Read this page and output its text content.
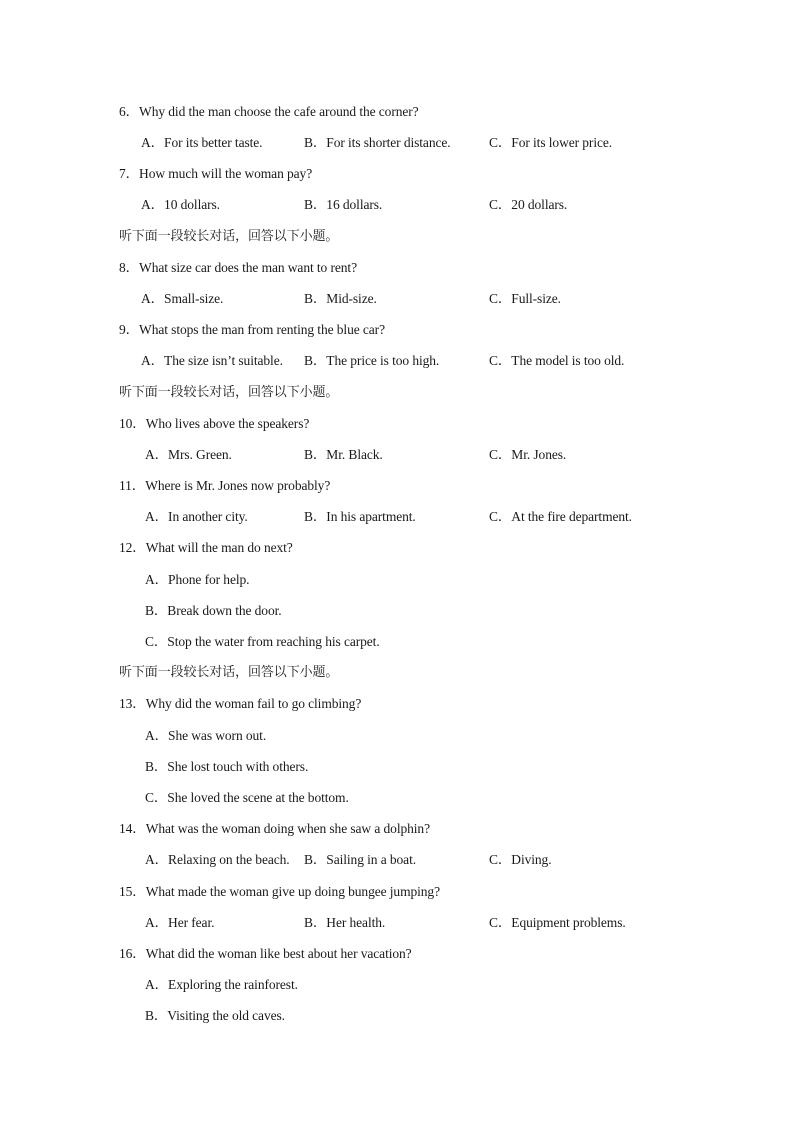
6．Why did the man choose the cafe around the corner?
A．For its better taste.	B．For its shorter distance.	C．For its lower price.
7．How much will the woman pay?
A．10 dollars.	B．16 dollars.	C．20 dollars.
听下面一段较长对话，回答以下小题。
8．What size car does the man want to rent?
A．Small-size.	B．Mid-size.	C．Full-size.
9．What stops the man from renting the blue car?
A．The size isn’t suitable. B．The price is too high.	C．The model is too old.
听下面一段较长对话，回答以下小题。
10．Who lives above the speakers?
A．Mrs. Green.	B．Mr. Black.	C．Mr. Jones.
11．Where is Mr. Jones now probably?
A．In another city.	B．In his apartment.	C．At the fire department.
12．What will the man do next?
A．Phone for help.
B．Break down the door.
C．Stop the water from reaching his carpet.
听下面一段较长对话，回答以下小题。
13．Why did the woman fail to go climbing?
A．She was worn out.
B．She lost touch with others.
C．She loved the scene at the bottom.
14．What was the woman doing when she saw a dolphin?
A．Relaxing on the beach. B．Sailing in a boat.	C．Diving.
15．What made the woman give up doing bungee jumping?
A．Her fear.	B．Her health.	C．Equipment problems.
16．What did the woman like best about her vacation?
A．Exploring the rainforest.
B．Visiting the old caves.
